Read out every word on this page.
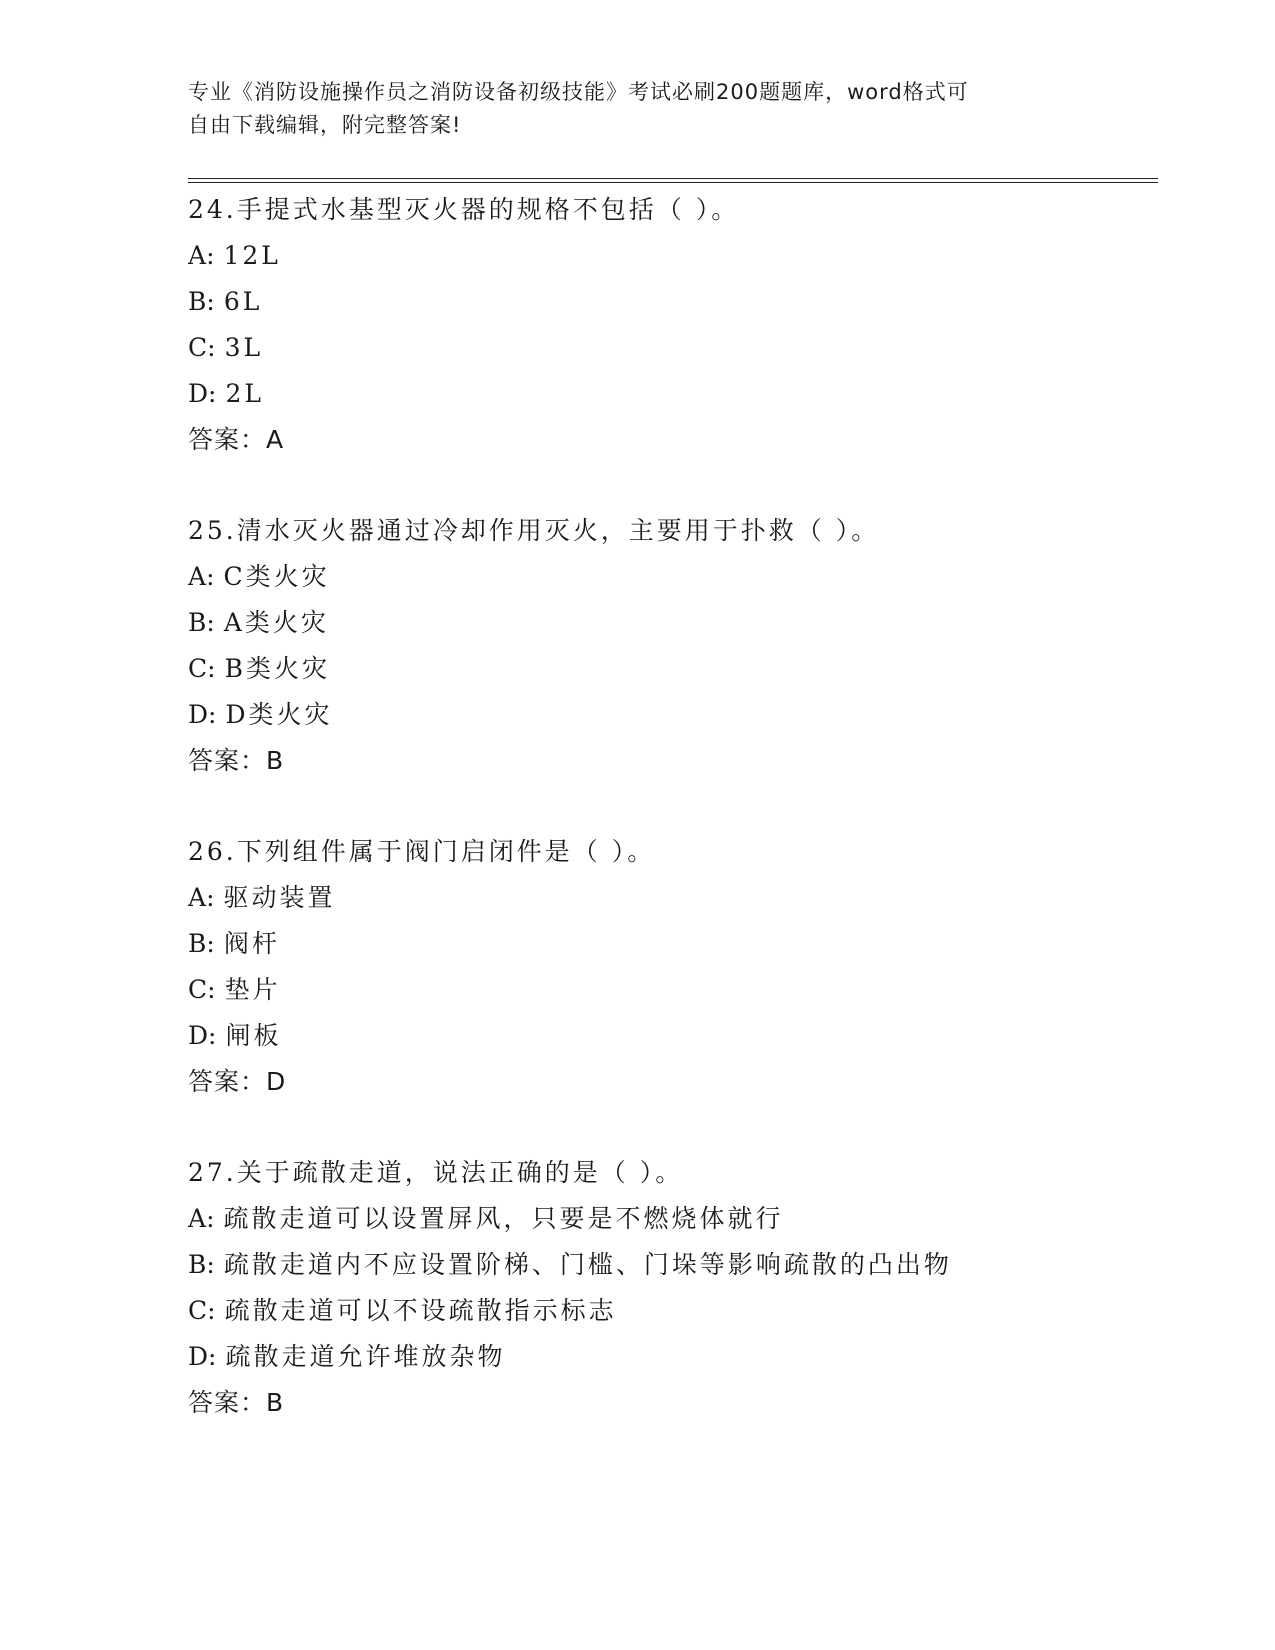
专业《消防设施操作员之消防设备初级技能》考试必刷200题题库，word格式可
自由下载编辑，附完整答案!
24.手提式水基型灭火器的规格不包括（ ）。
A: 12L
B: 6L
C: 3L
D: 2L
答案：A
25.清水灭火器通过冷却作用灭火，主要用于扑救（ ）。
A: C类火灾
B: A类火灾
C: B类火灾
D: D类火灾
答案：B
26.下列组件属于阀门启闭件是（ ）。
A: 驱动装置
B: 阀杆
C: 垫片
D: 闸板
答案：D
27.关于疏散走道，说法正确的是（ ）。
A: 疏散走道可以设置屏风，只要是不燃烧体就行
B: 疏散走道内不应设置阶梯、门槛、门垛等影响疏散的凸出物
C: 疏散走道可以不设疏散指示标志
D: 疏散走道允许堆放杂物
答案：B
